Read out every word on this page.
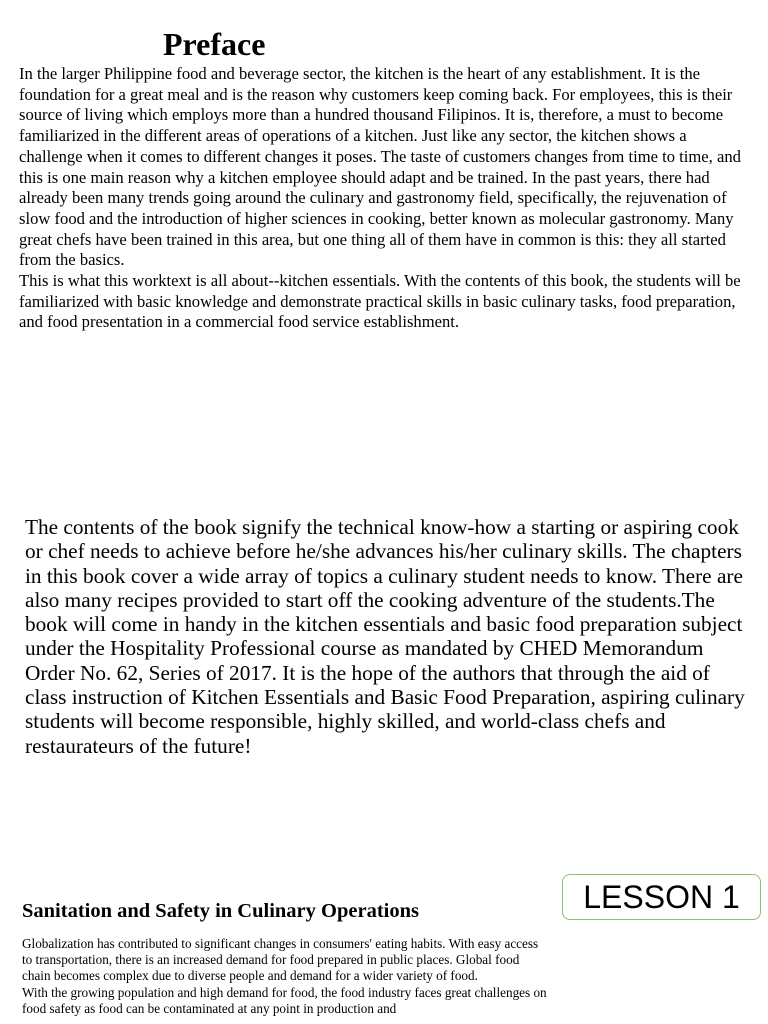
Preface

In the larger Philippine food and beverage sector, the kitchen is the heart of any establishment. It is the foundation for a great meal and is the reason why customers keep coming back. For employees, this is their source of living which employs more than a hundred thousand Filipinos. It is, therefore, a must to become familiarized in the different areas of operations of a kitchen. Just like any sector, the kitchen shows a challenge when it comes to different changes it poses. The taste of customers changes from time to time, and this is one main reason why a kitchen employee should adapt and be trained. In the past years, there had already been many trends going around the culinary and gastronomy field, specifically, the rejuvenation of slow food and the introduction of higher sciences in cooking, better known as molecular gastronomy. Many great chefs have been trained in this area, but one thing all of them have in common is this: they all started from the basics.

This is what this worktext is all about--kitchen essentials. With the contents of this book, the students will be familiarized with basic knowledge and demonstrate practical skills in basic culinary tasks, food preparation, and food presentation in a commercial food service establishment.

The contents of the book signify the technical know-how a starting or aspiring cook or chef needs to achieve before he/she advances his/her culinary skills. The chapters in this book cover a wide array of topics a culinary student needs to know. There are also many recipes provided to start off the cooking adventure of the students.The book will come in handy in the kitchen essentials and basic food preparation subject under the Hospitality Professional course as mandated by CHED Memorandum Order No. 62, Series of 2017. It is the hope of the authors that through the aid of class instruction of Kitchen Essentials and Basic Food Preparation, aspiring culinary students will become responsible, highly skilled, and world-class chefs and restaurateurs of the future!

LESSON 1
Sanitation and Safety in Culinary Operations

Globalization has contributed to significant changes in consumers' eating habits. With easy access to transportation, there is an increased demand for food prepared in public places. Global food chain becomes complex due to diverse people and demand for a wider variety of food.

With the growing population and high demand for food, the food industry faces great challenges on food safety as food can be contaminated at any point in production and
